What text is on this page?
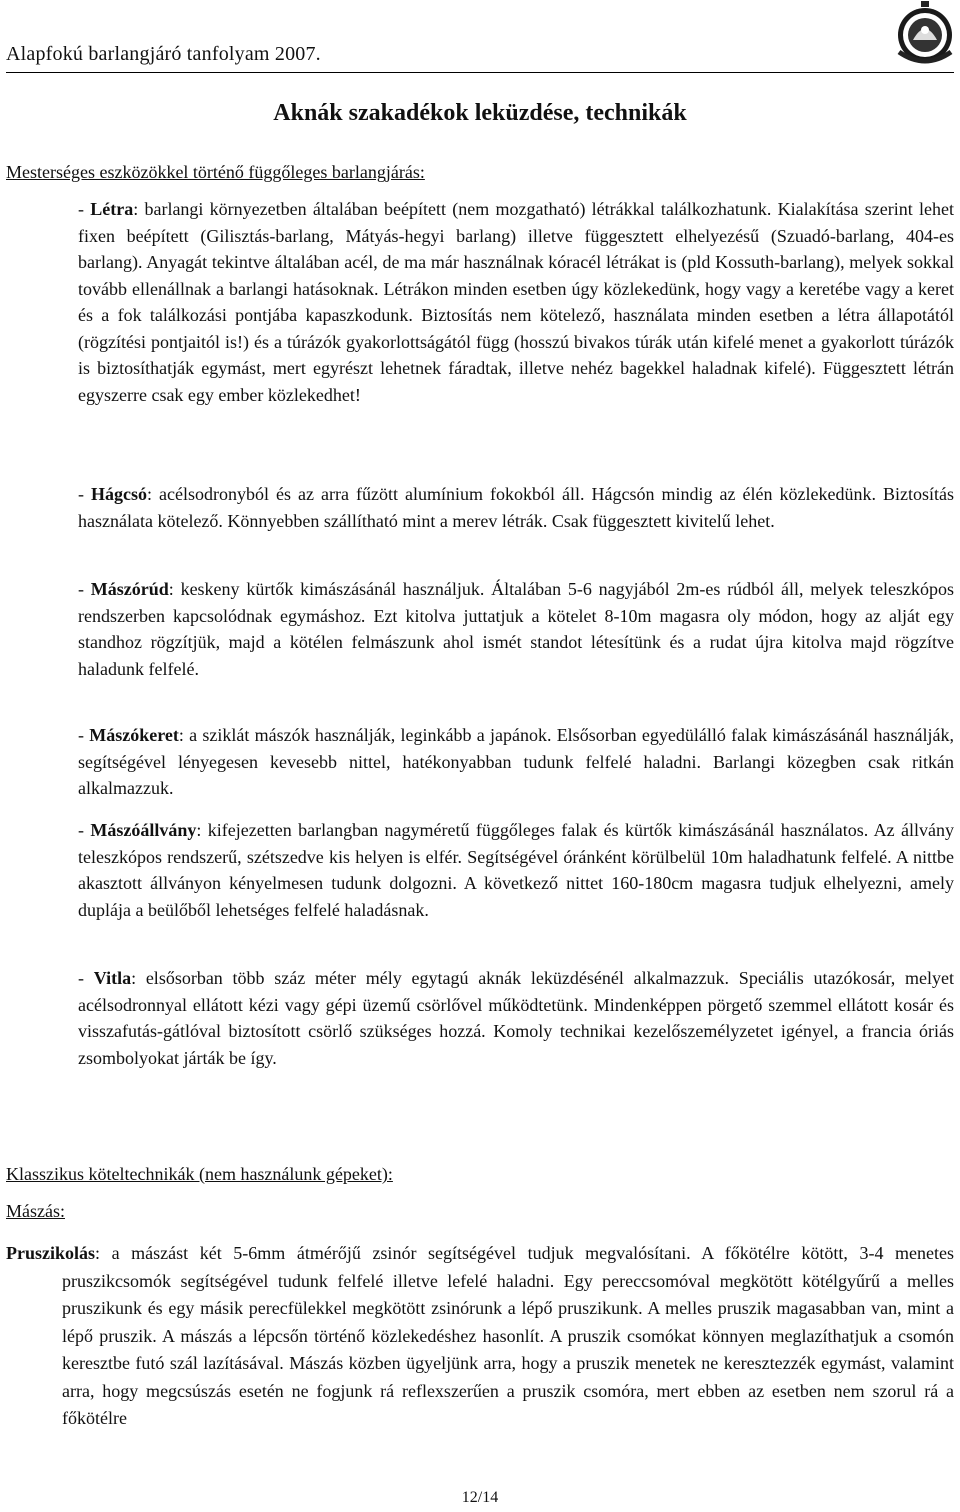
Alapfokú barlangjáró tanfolyam 2007.
Aknák szakadékok leküzdése, technikák
Mesterséges eszközökkel történő függőleges barlangjárás:
- Létra: barlangi környezetben általában beépített (nem mozgatható) létrákkal találkozhatunk. Kialakítása szerint lehet fixen beépített (Gilisztás-barlang, Mátyás-hegyi barlang) illetve függesztett elhelyezésű (Szuadó-barlang, 404-es barlang). Anyagát tekintve általában acél, de ma már használnak kóracél létrákat is (pld Kossuth-barlang), melyek sokkal tovább ellenállnak a barlangi hatásoknak. Létrákon minden esetben úgy közlekedünk, hogy vagy a keretébe vagy a keret és a fok találkozási pontjába kapaszkodunk. Biztosítás nem kötelező, használata minden esetben a létra állapotától (rögzítési pontjaitól is!) és a túrázók gyakorlottságától függ (hosszú bivakos túrák után kifelé menet a gyakorlott túrázók is biztosíthatják egymást, mert egyrészt lehetnek fáradtak, illetve nehéz bagekkel haladnak kifelé). Függesztett létrán egyszerre csak egy ember közlekedhet!
- Hágcsó: acélsodronyból és az arra fűzött alumínium fokokból áll. Hágcsón mindig az élén közlekedünk. Biztosítás használata kötelező. Könnyebben szállítható mint a merev létrák. Csak függesztett kivitelű lehet.
- Mászórúd: keskeny kürtők kimászásánál használjuk. Általában 5-6 nagyjából 2m-es rúdból áll, melyek teleszkópos rendszerben kapcsolódnak egymáshoz. Ezt kitolva juttatjuk a kötelet 8-10m magasra oly módon, hogy az alját egy standhoz rögzítjük, majd a kötélen felmászunk ahol ismét standot létesítünk és a rudat újra kitolva majd rögzítve haladunk felfelé.
- Mászókeret: a sziklát mászók használják, leginkább a japánok. Elsősorban egyedülálló falak kimászásánál használják, segítségével lényegesen kevesebb nittel, hatékonyabban tudunk felfelé haladni. Barlangi közegben csak ritkán alkalmazzuk.
- Mászóállvány: kifejezetten barlangban nagyméretű függőleges falak és kürtők kimászásánál használatos. Az állvány teleszkópos rendszerű, szétszedve kis helyen is elfér. Segítségével óránként körülbelül 10m haladhatunk felfelé. A nittbe akasztott állványon kényelmesen tudunk dolgozni. A következő nittet 160-180cm magasra tudjuk elhelyezni, amely duplája a beülőből lehetséges felfelé haladásnak.
- Vitla: elsősorban több száz méter mély egytagú aknák leküzdésénél alkalmazzuk. Speciális utazókosár, melyet acélsodronnyal ellátott kézi vagy gépi üzemű csörlővel működtetünk. Mindenképpen pörgető szemmel ellátott kosár és visszafutás-gátlóval biztosított csörlő szükséges hozzá. Komoly technikai kezelőszemélyzetet igényel, a francia óriás zsombolyokat járták be így.
Klasszikus köteltechnikák (nem használunk gépeket):
Mászás:
Pruszikolás: a mászást két 5-6mm átmérőjű zsinór segítségével tudjuk megvalósítani. A főkötélre kötött, 3-4 menetes pruszikcsomók segítségével tudunk felfelé illetve lefelé haladni. Egy pereccsomóval megkötött kötélgyűrű a melles pruszikunk és egy másik perecfülekkel megkötött zsinórunk a lépő pruszikunk. A melles pruszik magasabban van, mint a lépő pruszik. A mászás a lépcsőn történő közlekedéshez hasonlít. A pruszik csomókat könnyen meglazíthatjuk a csomón keresztbe futó szál lazításával. Mászás közben ügyeljünk arra, hogy a pruszik menetek ne keresztezzék egymást, valamint arra, hogy megcsúszás esetén ne fogjunk rá reflexszerűen a pruszik csomóra, mert ebben az esetben nem szorul rá a főkötélre
12/14
